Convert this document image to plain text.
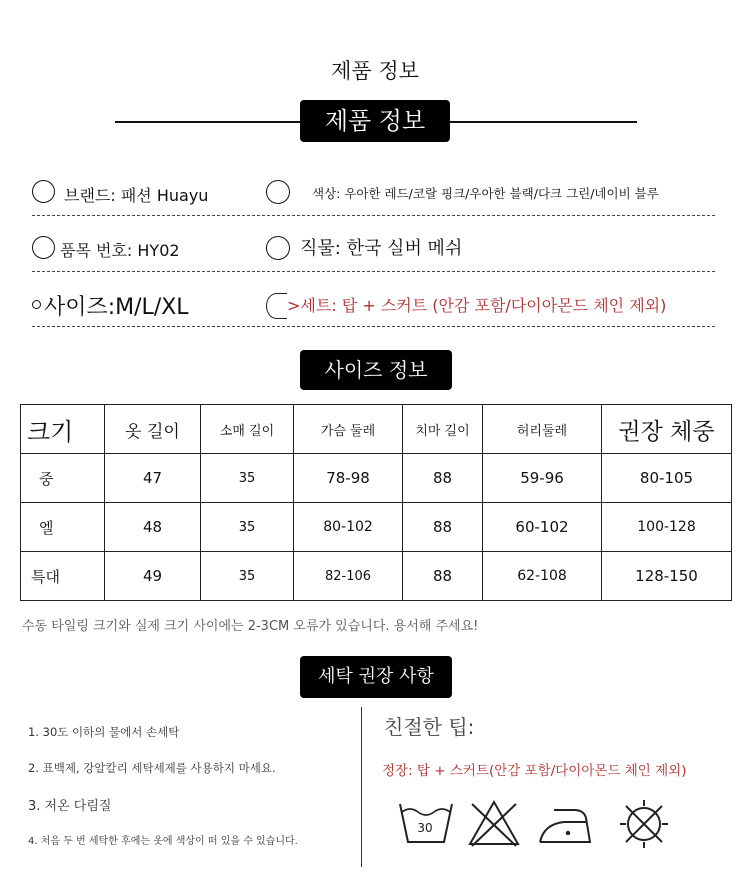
제품 정보
제품 정보
브랜드: 패션 Huayu	색상: 우아한 레드/코랄 핑크/우아한 블랙/다크 그린/네이비 블루
품목 번호: HY02	직물: 한국 실버 메쉬
사이즈:M/L/XL	>세트: 탑 + 스커트 (안감 포함/다이아몬드 체인 제외)
사이즈 정보
크기	옷 길이	소매 길이	가슴 둘레	치마 길이	허리둘레	권장 체중
중	47	35	78-98	88	59-96	80-105
엘	48	35	80-102	88	60-102	100-128
특대	49	35	82-106	88	62-108	128-150
수동 타일링 크기와 실제 크기 사이에는 2-3CM 오류가 있습니다. 용서해 주세요!
세탁 권장 사항
1. 30도 이하의 물에서 손세탁
2. 표백제, 강알칼리 세탁세제를 사용하지 마세요.
3. 저온 다림질
4. 처음 두 번 세탁한 후에는 옷에 색상이 떠 있을 수 있습니다.
친절한 팁:
정장: 탑 + 스커트(안감 포함/다이아몬드 체인 제외)
30
